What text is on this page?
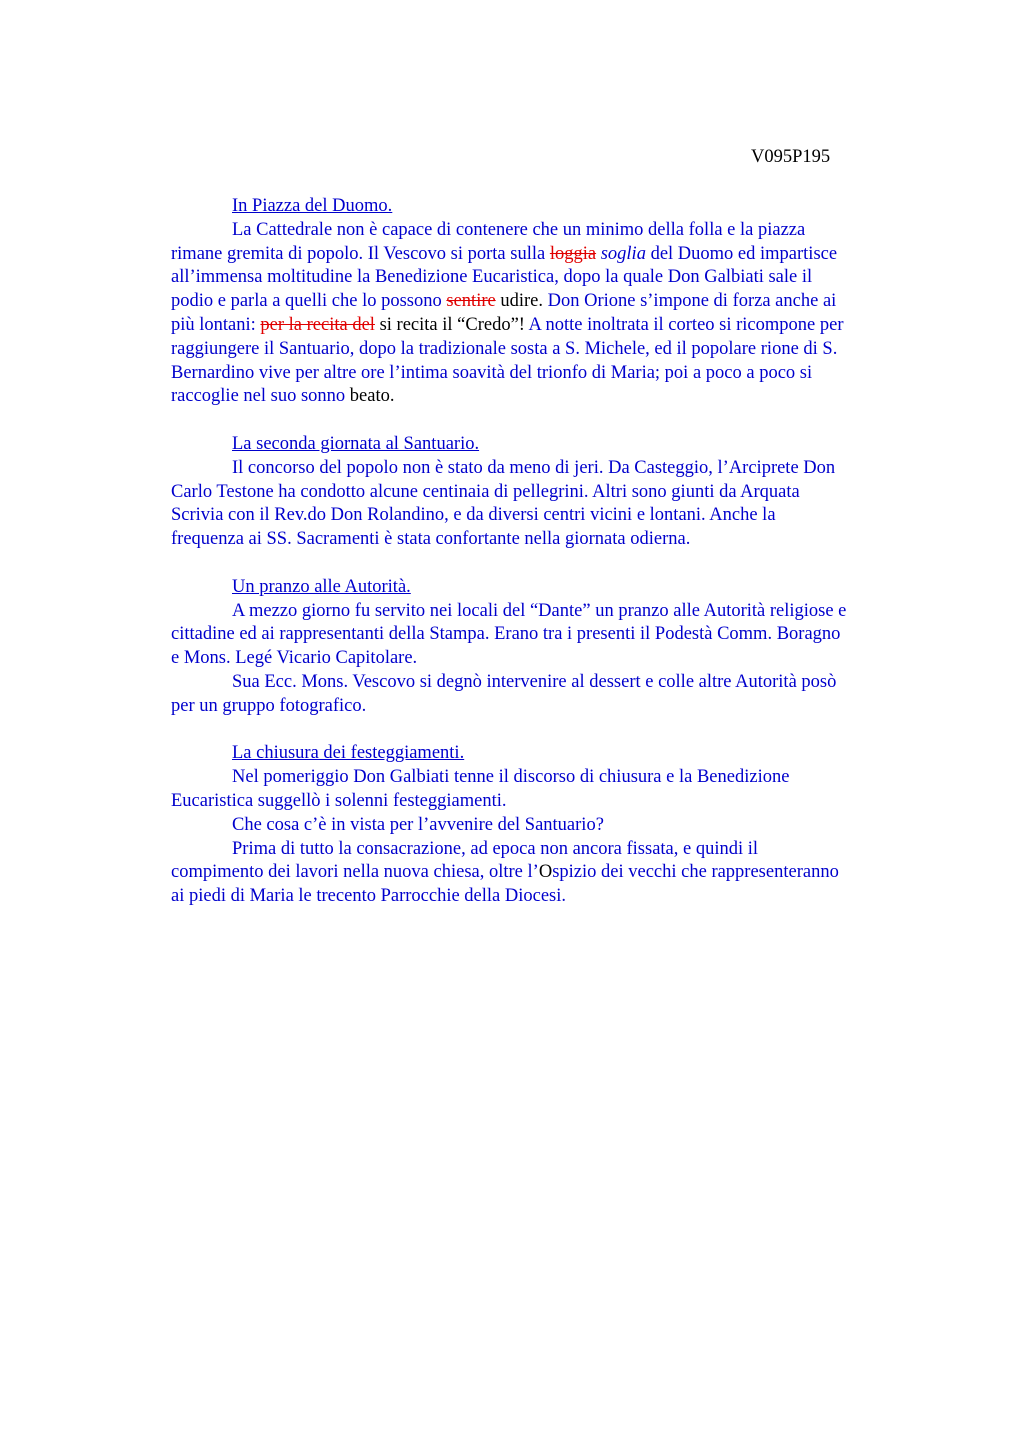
V095P195
In Piazza del Duomo.
La Cattedrale non è capace di contenere che un minimo della folla e la piazza
rimane gremita di popolo. Il Vescovo si porta sulla loggia soglia del Duomo ed impartisce
all’immensa moltitudine la Benedizione Eucaristica, dopo la quale Don Galbiati sale il
podio e parla a quelli che lo possono sentire udire. Don Orione s’impone di forza anche ai
più lontani: per la recita del si recita il “Credo”! A notte inoltrata il corteo si ricompone per
raggiungere il Santuario, dopo la tradizionale sosta a S. Michele, ed il popolare rione di S.
Bernardino vive per altre ore l’intima soavità del trionfo di Maria; poi a poco a poco si
raccoglie nel suo sonno beato.
La seconda giornata al Santuario.
Il concorso del popolo non è stato da meno di jeri. Da Casteggio, l’Arciprete Don
Carlo Testone ha condotto alcune centinaia di pellegrini. Altri sono giunti da Arquata
Scrivia con il Rev.do Don Rolandino, e da diversi centri vicini e lontani. Anche la
frequenza ai SS. Sacramenti è stata confortante nella giornata odierna.
Un pranzo alle Autorità.
A mezzo giorno fu servito nei locali del “Dante” un pranzo alle Autorità religiose e
cittadine ed ai rappresentanti della Stampa. Erano tra i presenti il Podestà Comm. Boragno
e Mons. Legé Vicario Capitolare.
Sua Ecc. Mons. Vescovo si degnò intervenire al dessert e colle altre Autorità posò
per un gruppo fotografico.
La chiusura dei festeggiamenti.
Nel pomeriggio Don Galbiati tenne il discorso di chiusura e la Benedizione
Eucaristica suggellò i solenni festeggiamenti.
Che cosa c’è in vista per l’avvenire del Santuario?
Prima di tutto la consacrazione, ad epoca non ancora fissata, e quindi il
compimento dei lavori nella nuova chiesa, oltre l’Ospizio dei vecchi che rappresenteranno
ai piedi di Maria le trecento Parrocchie della Diocesi.
